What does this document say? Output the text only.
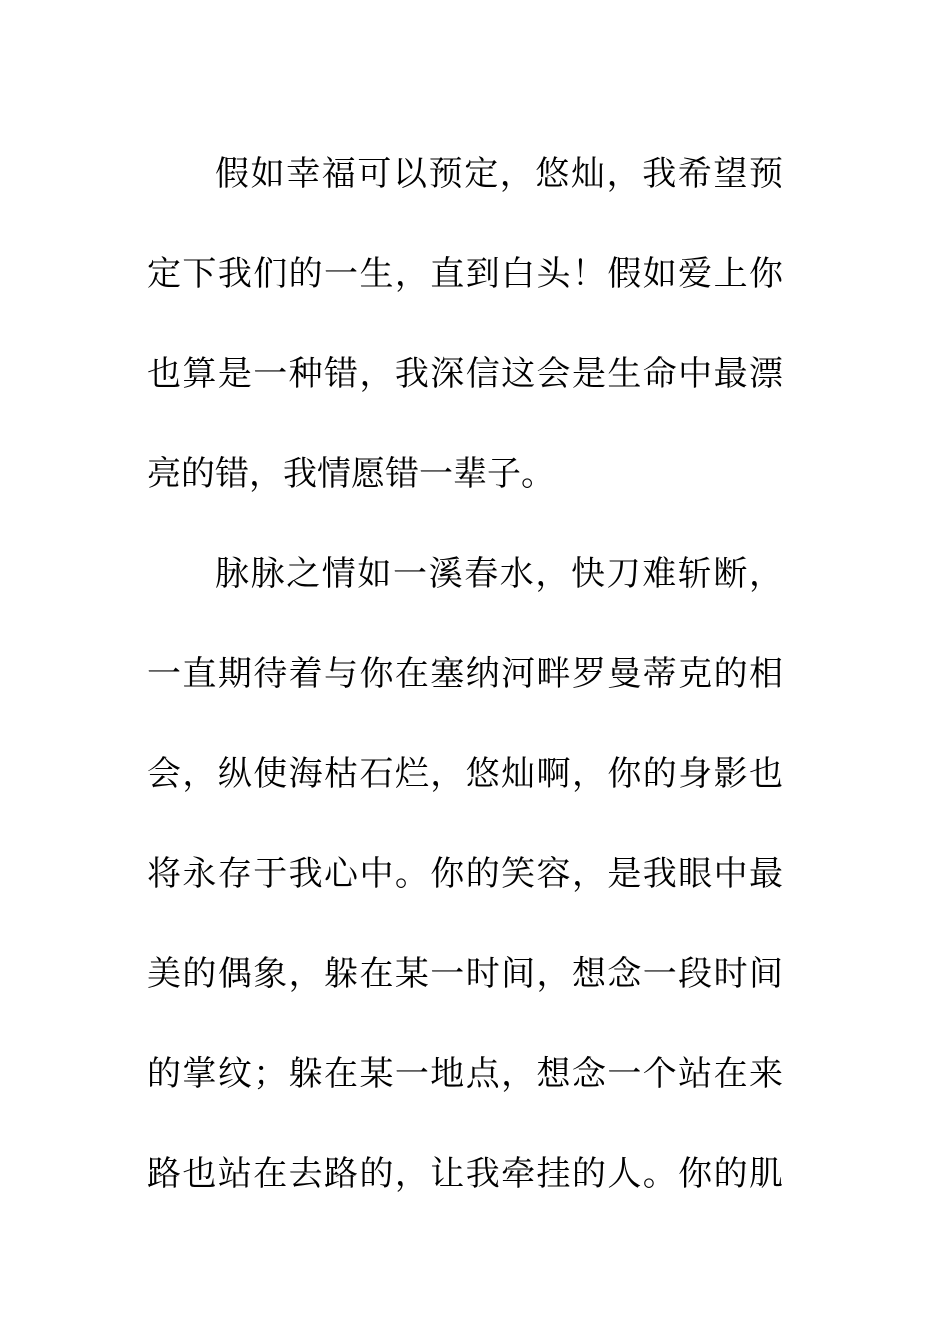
假如幸福可以预定，悠灿，我希望预
定下我们的一生，直到白头！假如爱上你
也算是一种错，我深信这会是生命中最漂
亮的错，我情愿错一辈子。
脉脉之情如一溪春水，快刀难斩断，
一直期待着与你在塞纳河畔罗曼蒂克的相
会，纵使海枯石烂，悠灿啊，你的身影也
将永存于我心中。你的笑容，是我眼中最
美的偶象，躲在某一时间，想念一段时间
的掌纹；躲在某一地点，想念一个站在来
路也站在去路的，让我牵挂的人。你的肌
